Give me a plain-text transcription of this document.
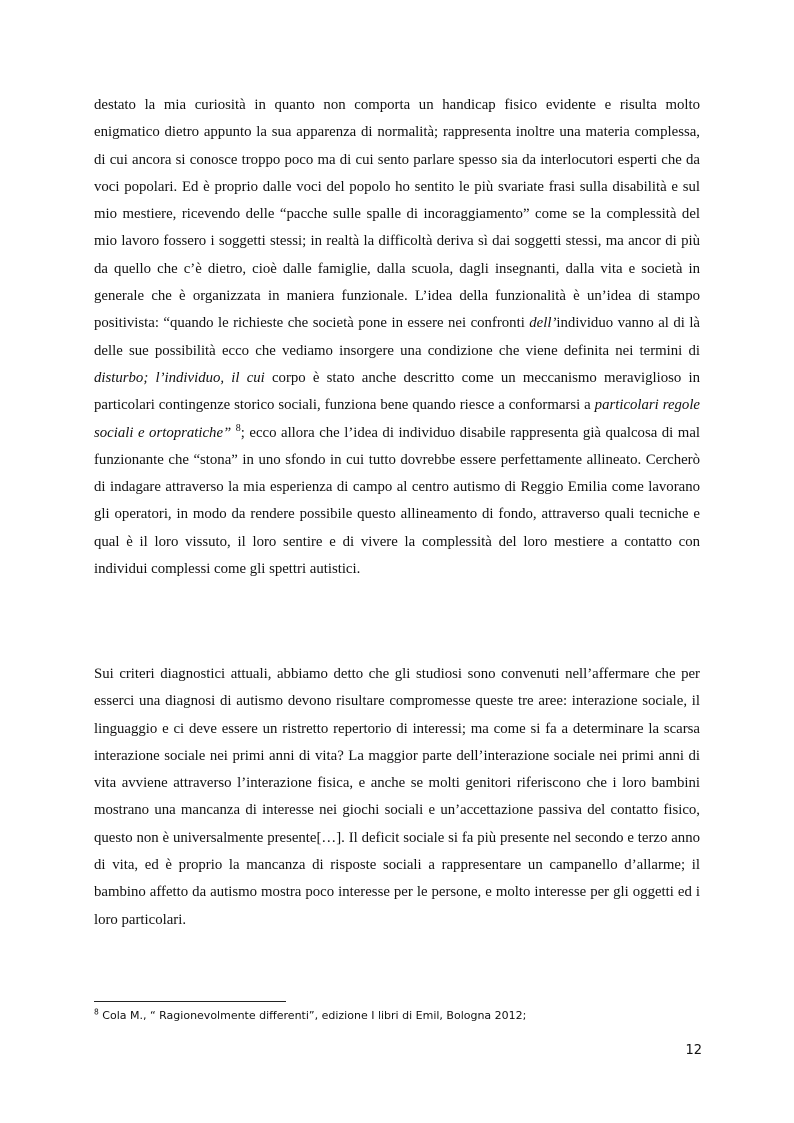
destato la mia curiosità in quanto non comporta un handicap fisico evidente e risulta molto enigmatico dietro appunto la sua apparenza di normalità; rappresenta inoltre una materia complessa, di cui ancora si conosce troppo poco ma di cui sento parlare spesso sia da interlocutori esperti che da voci popolari. Ed è proprio dalle voci del popolo ho sentito le più svariate frasi sulla disabilità e sul mio mestiere, ricevendo delle “pacche sulle spalle di incoraggiamento” come se la complessità del mio lavoro fossero i soggetti stessi; in realtà la difficoltà deriva sì dai soggetti stessi, ma ancor di più da quello che c’è dietro, cioè dalle famiglie, dalla scuola, dagli insegnanti, dalla vita e società in generale che è organizzata in maniera funzionale. L’idea della funzionalità è un’idea di stampo positivista: “quando le richieste che società pone in essere nei confronti dell’individuo vanno al di là delle sue possibilità ecco che vediamo insorgere una condizione che viene definita nei termini di disturbo; l’individuo, il cui corpo è stato anche descritto come un meccanismo meraviglioso in particolari contingenze storico sociali, funziona bene quando riesce a conformarsi a particolari regole sociali e ortopratiche” $^8$; ecco allora che l’idea di individuo disabile rappresenta già qualcosa di mal funzionante che “stona” in uno sfondo in cui tutto dovrebbe essere perfettamente allineato. Cercherò di indagare attraverso la mia esperienza di campo al centro autismo di Reggio Emilia come lavorano gli operatori, in modo da rendere possibile questo allineamento di fondo, attraverso quali tecniche e qual è il loro vissuto, il loro sentire e di vivere la complessità del loro mestiere a contatto con individui complessi come gli spettri autistici.

Sui criteri diagnostici attuali, abbiamo detto che gli studiosi sono convenuti nell’affermare che per esserci una diagnosi di autismo devono risultare compromesse queste tre aree: interazione sociale, il linguaggio e ci deve essere un ristretto repertorio di interessi; ma come si fa a determinare la scarsa interazione sociale nei primi anni di vita? La maggior parte dell’interazione sociale nei primi anni di vita avviene attraverso l’interazione fisica, e anche se molti genitori riferiscono che i loro bambini mostrano una mancanza di interesse nei giochi sociali e un’accettazione passiva del contatto fisico, questo non è universalmente presente[…]. Il deficit sociale si fa più presente nel secondo e terzo anno di vita, ed è proprio la mancanza di risposte sociali a rappresentare un campanello d’allarme; il bambino affetto da autismo mostra poco interesse per le persone, e molto interesse per gli oggetti ed i loro particolari.

$^8$ Cola M., “ Ragionevolmente differenti”, edizione I libri di Emil, Bologna 2012;
12
